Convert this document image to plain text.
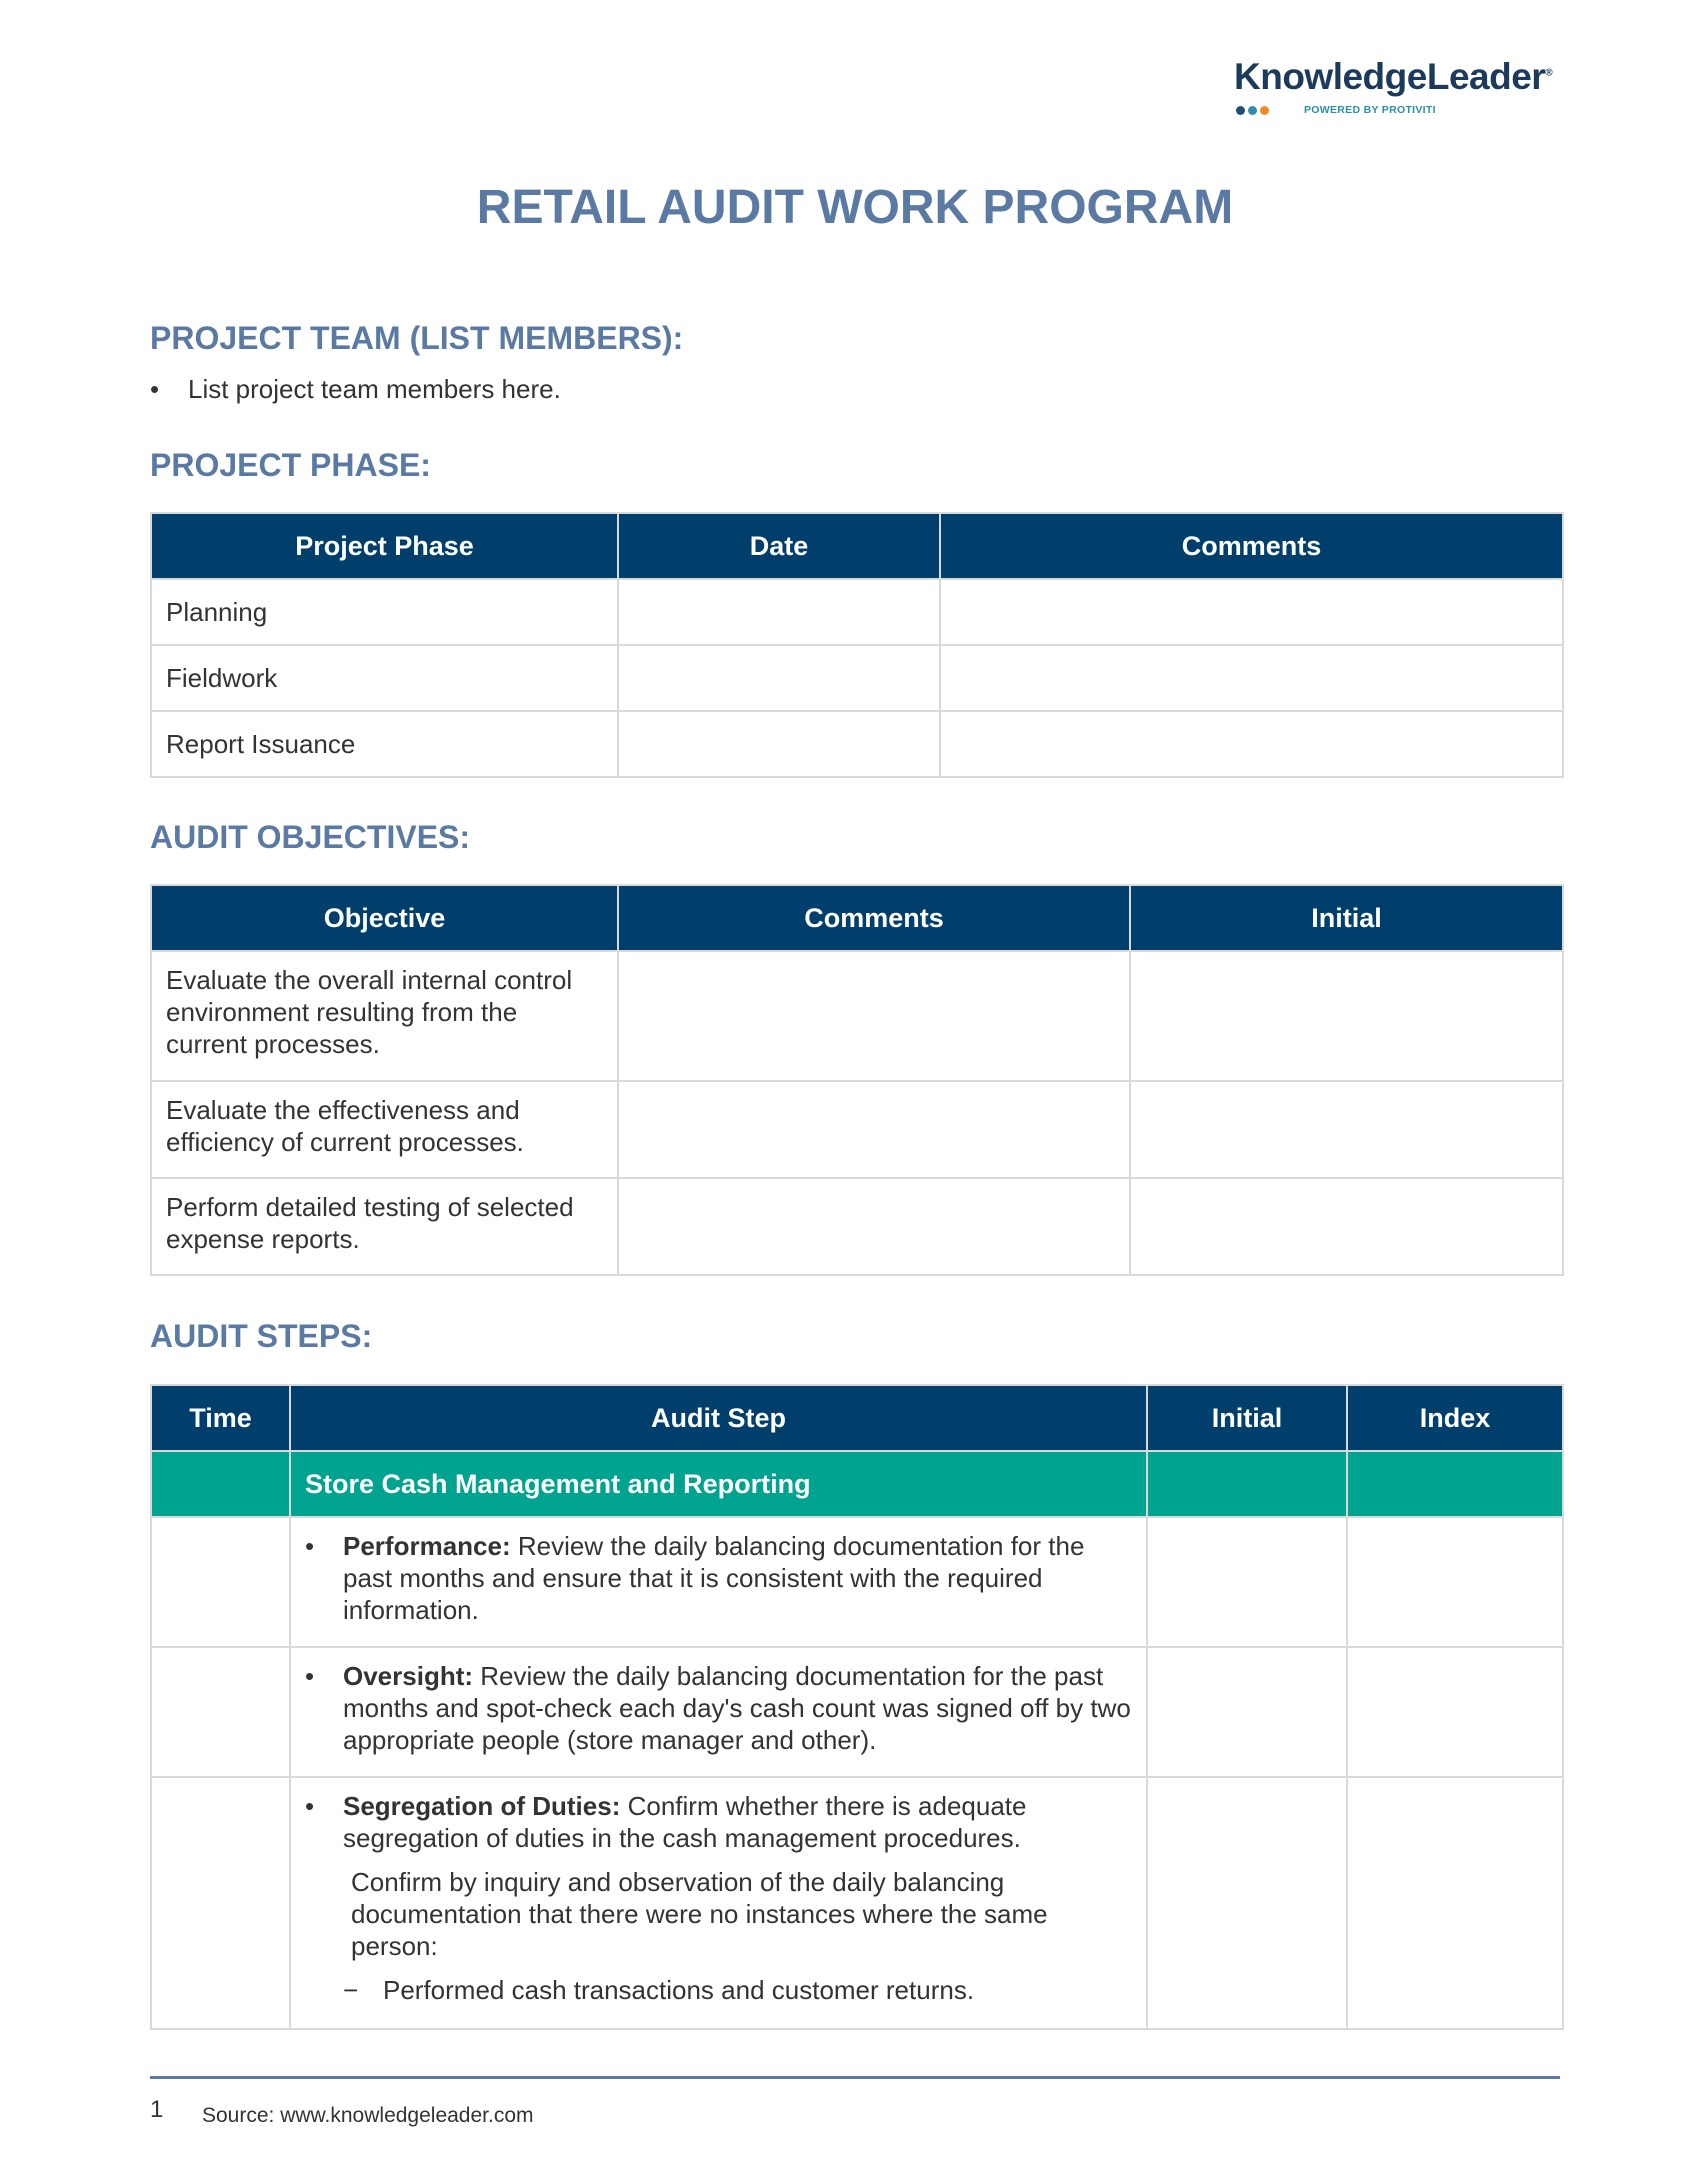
KnowledgeLeader®
POWERED BY PROTIVITI
RETAIL AUDIT WORK PROGRAM
PROJECT TEAM (LIST MEMBERS):
• List project team members here.
PROJECT PHASE:
Project Phase	Date	Comments
Planning		
Fieldwork		
Report Issuance		
AUDIT OBJECTIVES:
Objective	Comments	Initial
Evaluate the overall internal control environment resulting from the current processes.		
Evaluate the effectiveness and efficiency of current processes.		
Perform detailed testing of selected expense reports.		
AUDIT STEPS:
Time	Audit Step	Initial	Index
	Store Cash Management and Reporting		

	• Performance: Review the daily balancing documentation for the past months and ensure that it is consistent with the required information.		

	• Oversight: Review the daily balancing documentation for the past months and spot-check each day's cash count was signed off by two appropriate people (store manager and other).		

	• Segregation of Duties: Confirm whether there is adequate segregation of duties in the cash management procedures.
Confirm by inquiry and observation of the daily balancing documentation that there were no instances where the same person:
− Performed cash transactions and customer returns.		

1 Source: www.knowledgeleader.com
